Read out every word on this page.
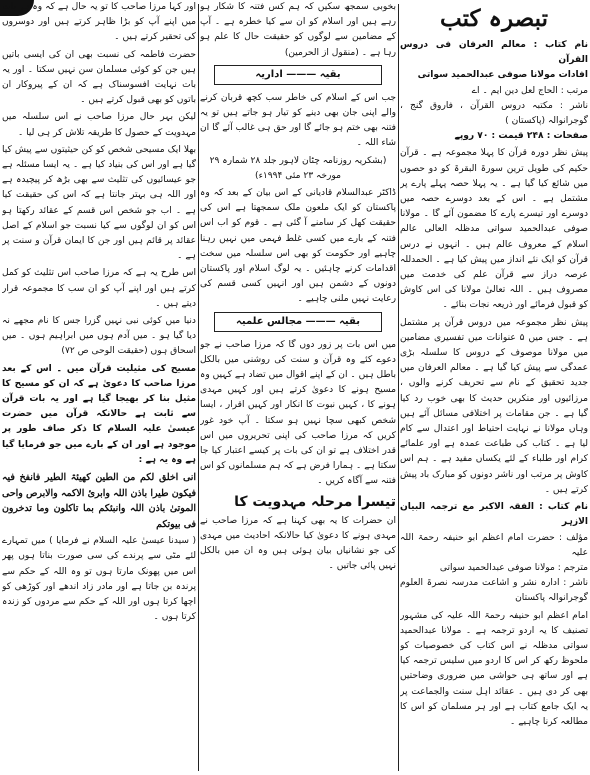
تبصرہ کتب

نام کتاب : معالم العرفان فی دروس القرآن

افادات مولانا صوفی عبدالحمید سواتی

مرتب : الحاج لعل دین ایم ۔ اے

ناشر : مکتبہ دروس القرآن ، فاروق گنج ، گوجرانوالہ (پاکستان )

صفحات : ۲۴۸ قیمت : ۷۰ روپے

پیش نظر دورہ قرآن کا پہلا مجموعہ ہے ۔ قرآن حکیم کی طویل ترین سورۃ البقرۃ کو دو حصوں میں شائع کیا گیا ہے ۔ یہ پہلا حصہ پہلے پارے پر مشتمل ہے ۔ اس کے بعد دوسرے حصہ میں دوسرے اور تیسرے پارے کا مضمون آئے گا ۔ مولانا صوفی عبدالحمید سواتی مدظلہ العالی عالم اسلام کے معروف عالم ہیں ۔ انہوں نے درس قرآن کو ایک نئے انداز میں پیش کیا ہے ۔ الحمدللہ عرصہ دراز سے قرآن علم کی خدمت میں مصروف ہیں ۔ اللہ تعالیٰ مولانا کی اس کاوش کو قبول فرمائے اور ذریعہ نجات بنائے ۔

پیش نظر مجموعہ میں دروس قرآن پر مشتمل ہے ۔ جس میں ۵ عنوانات میں تفسیری مضامین میں مولانا موصوف کے دروس کا سلسلہ بڑی عمدگی سے پیش کیا گیا ہے ۔ معالم العرفان میں جدید تحقیق کے نام سے تحریف کرنے والوں ، مرزائیوں اور منکرین حدیث کا بھی خوب رد کیا گیا ہے ۔ جن مقامات پر اختلافی مسائل آئے ہیں وہاں مولانا نے نہایت احتیاط اور اعتدال سے کام لیا ہے ۔ کتاب کی طباعت عمدہ ہے اور علمائے کرام اور طلباء کے لئے یکساں مفید ہے ۔ ہم اس کاوش پر مرتب اور ناشر دونوں کو مبارک باد پیش کرتے ہیں ۔

نام کتاب : الفقہ الاکبر مع ترجمہ البیان الازہر

مؤلف : حضرت امام اعظم ابو حنیفہ رحمۃ اللہ علیہ

مترجم : مولانا صوفی عبدالحمید سواتی

ناشر : ادارہ نشر و اشاعت مدرسہ نصرۃ العلوم گوجرانوالہ پاکستان

امام اعظم ابو حنیفہ رحمۃ اللہ علیہ کی مشہور تصنیف کا یہ اردو ترجمہ ہے ۔ مولانا عبدالحمید سواتی مدظلہ نے اس کتاب کی خصوصیات کو ملحوظ رکھ کر اس کا اردو میں سلیس ترجمہ کیا ہے اور ساتھ ہی حواشی میں ضروری وضاحتیں بھی کر دی ہیں ۔ عقائد اہل سنت والجماعت پر یہ ایک جامع کتاب ہے اور ہر مسلمان کو اس کا مطالعہ کرنا چاہیے ۔

بخوبی سمجھ سکیں کہ ہم کس فتنہ کا شکار ہو رہے ہیں اور اسلام کو ان سے کیا خطرہ ہے ۔ آپ کے مضامین سے لوگوں کو حقیقت حال کا علم ہو رہا ہے ۔ (منقول از الحرمین)

بقیہ ——— اداریہ

جب اس کے اسلام کی خاطر سب کچھ قربان کرنے والے اپنی جان بھی دینے کو تیار ہو جاتے ہیں تو یہ فتنہ بھی ختم ہو جائے گا اور حق ہی غالب آئے گا ان شاء اللہ ۔

(بشکریہ روزنامہ چٹان لاہور جلد ۲۸ شمارہ ۲۹ مورخہ ۲۳ مئی ۱۹۹۴ء)

ڈاکٹر عبدالسلام قادیانی کے اس بیان کے بعد کہ وہ پاکستان کو ایک ملعون ملک سمجھتا ہے اس کی حقیقت کھل کر سامنے آ گئی ہے ۔ قوم کو اب اس فتنہ کے بارے میں کسی غلط فہمی میں نہیں رہنا چاہیے اور حکومت کو بھی اس سلسلہ میں سخت اقدامات کرنے چاہئیں ۔ یہ لوگ اسلام اور پاکستان دونوں کے دشمن ہیں اور انہیں کسی قسم کی رعایت نہیں ملنی چاہیے ۔

بقیہ ——— مجالس علمیہ

میں اس بات پر زور دوں گا کہ مرزا صاحب نے جو دعوے کئے وہ قرآن و سنت کی روشنی میں بالکل باطل ہیں ۔ ان کے اپنے اقوال میں تضاد ہے کہیں وہ مسیح ہونے کا دعویٰ کرتے ہیں اور کہیں مہدی ہونے کا ، کہیں نبوت کا انکار اور کہیں اقرار ، ایسا شخص کبھی سچا نہیں ہو سکتا ۔ آپ خود غور کریں کہ مرزا صاحب کی اپنی تحریروں میں اس قدر اختلاف ہے تو ان کی بات پر کیسے اعتبار کیا جا سکتا ہے ۔ ہمارا فرض ہے کہ ہم مسلمانوں کو اس فتنہ سے آگاہ کریں ۔

تیسرا مرحلہ مہدویت کا

ان حضرات کا یہ بھی کہنا ہے کہ مرزا صاحب نے مہدی ہونے کا دعویٰ کیا حالانکہ احادیث میں مہدی کی جو نشانیاں بیان ہوئی ہیں وہ ان میں بالکل نہیں پائی جاتیں ۔

اور کہا مرزا صاحب کا تو یہ حال ہے کہ وہ ہر بات میں اپنے آپ کو بڑا ظاہر کرتے ہیں اور دوسروں کی تحقیر کرتے ہیں ۔

حضرت فاطمہ کی نسبت بھی ان کی ایسی باتیں ہیں جن کو کوئی مسلمان سن نہیں سکتا ۔ اور یہ بات نہایت افسوسناک ہے کہ ان کے پیروکار ان باتوں کو بھی قبول کرتے ہیں ۔

لیکن بہر حال مرزا صاحب نے اس سلسلہ میں مہدویت کے حصول کا طریقہ تلاش کر ہی لیا ۔

بھلا ایک مسیحی شخص کو کن حیثیتوں سے پیش کیا گیا ہے اور اس کی بنیاد کیا ہے ۔ یہ ایسا مسئلہ ہے جو عیسائیوں کی تثلیث سے بھی بڑھ کر پیچیدہ ہے اور اللہ ہی بہتر جانتا ہے کہ اس کی حقیقت کیا ہے ۔ اب جو شخص اس قسم کے عقائد رکھتا ہو اس کو ان لوگوں سے کیا نسبت جو اسلام کے اصل عقائد پر قائم ہیں اور جن کا ایمان قرآن و سنت پر ہے ۔

اس طرح یہ ہے کہ مرزا صاحب اس تثلیث کو کمل کرتے ہیں اور اپنے آپ کو ان سب کا مجموعہ قرار دیتے ہیں ۔

دنیا میں کوئی نبی نہیں گزرا جس کا نام مجھے نہ دیا گیا ہو ۔ میں آدم ہوں میں ابراہیم ہوں ۔ میں اسحاق ہوں (حقیقت الوحی ص ۷۲)

مسیح کی مثیلیت قرآن میں ۔ اس کے بعد مرزا صاحب کا دعویٰ ہے کہ ان کو مسیح کا مثیل بنا کر بھیجا گیا ہے اور یہ بات قرآن سے ثابت ہے حالانکہ قرآن میں حضرت عیسیٰ علیہ السلام کا ذکر صاف طور پر موجود ہے اور ان کے بارے میں جو فرمایا گیا ہے وہ یہ ہے :

انی اخلق لکم من الطین کھیئۃ الطیر فانفخ فیہ فیکون طیرا باذن اللہ وابرئ الاکمہ والابرص واحی الموتیٰ باذن اللہ وانبئکم بما تاکلون وما تدخرون فی بیوتکم

( سیدنا عیسیٰ علیہ السلام نے فرمایا ) میں تمہارے لئے مٹی سے پرندے کی سی صورت بناتا ہوں پھر اس میں پھونک مارتا ہوں تو وہ اللہ کے حکم سے پرندہ بن جاتا ہے اور مادر زاد اندھے اور کوڑھی کو اچھا کرتا ہوں اور اللہ کے حکم سے مردوں کو زندہ کرتا ہوں ۔
